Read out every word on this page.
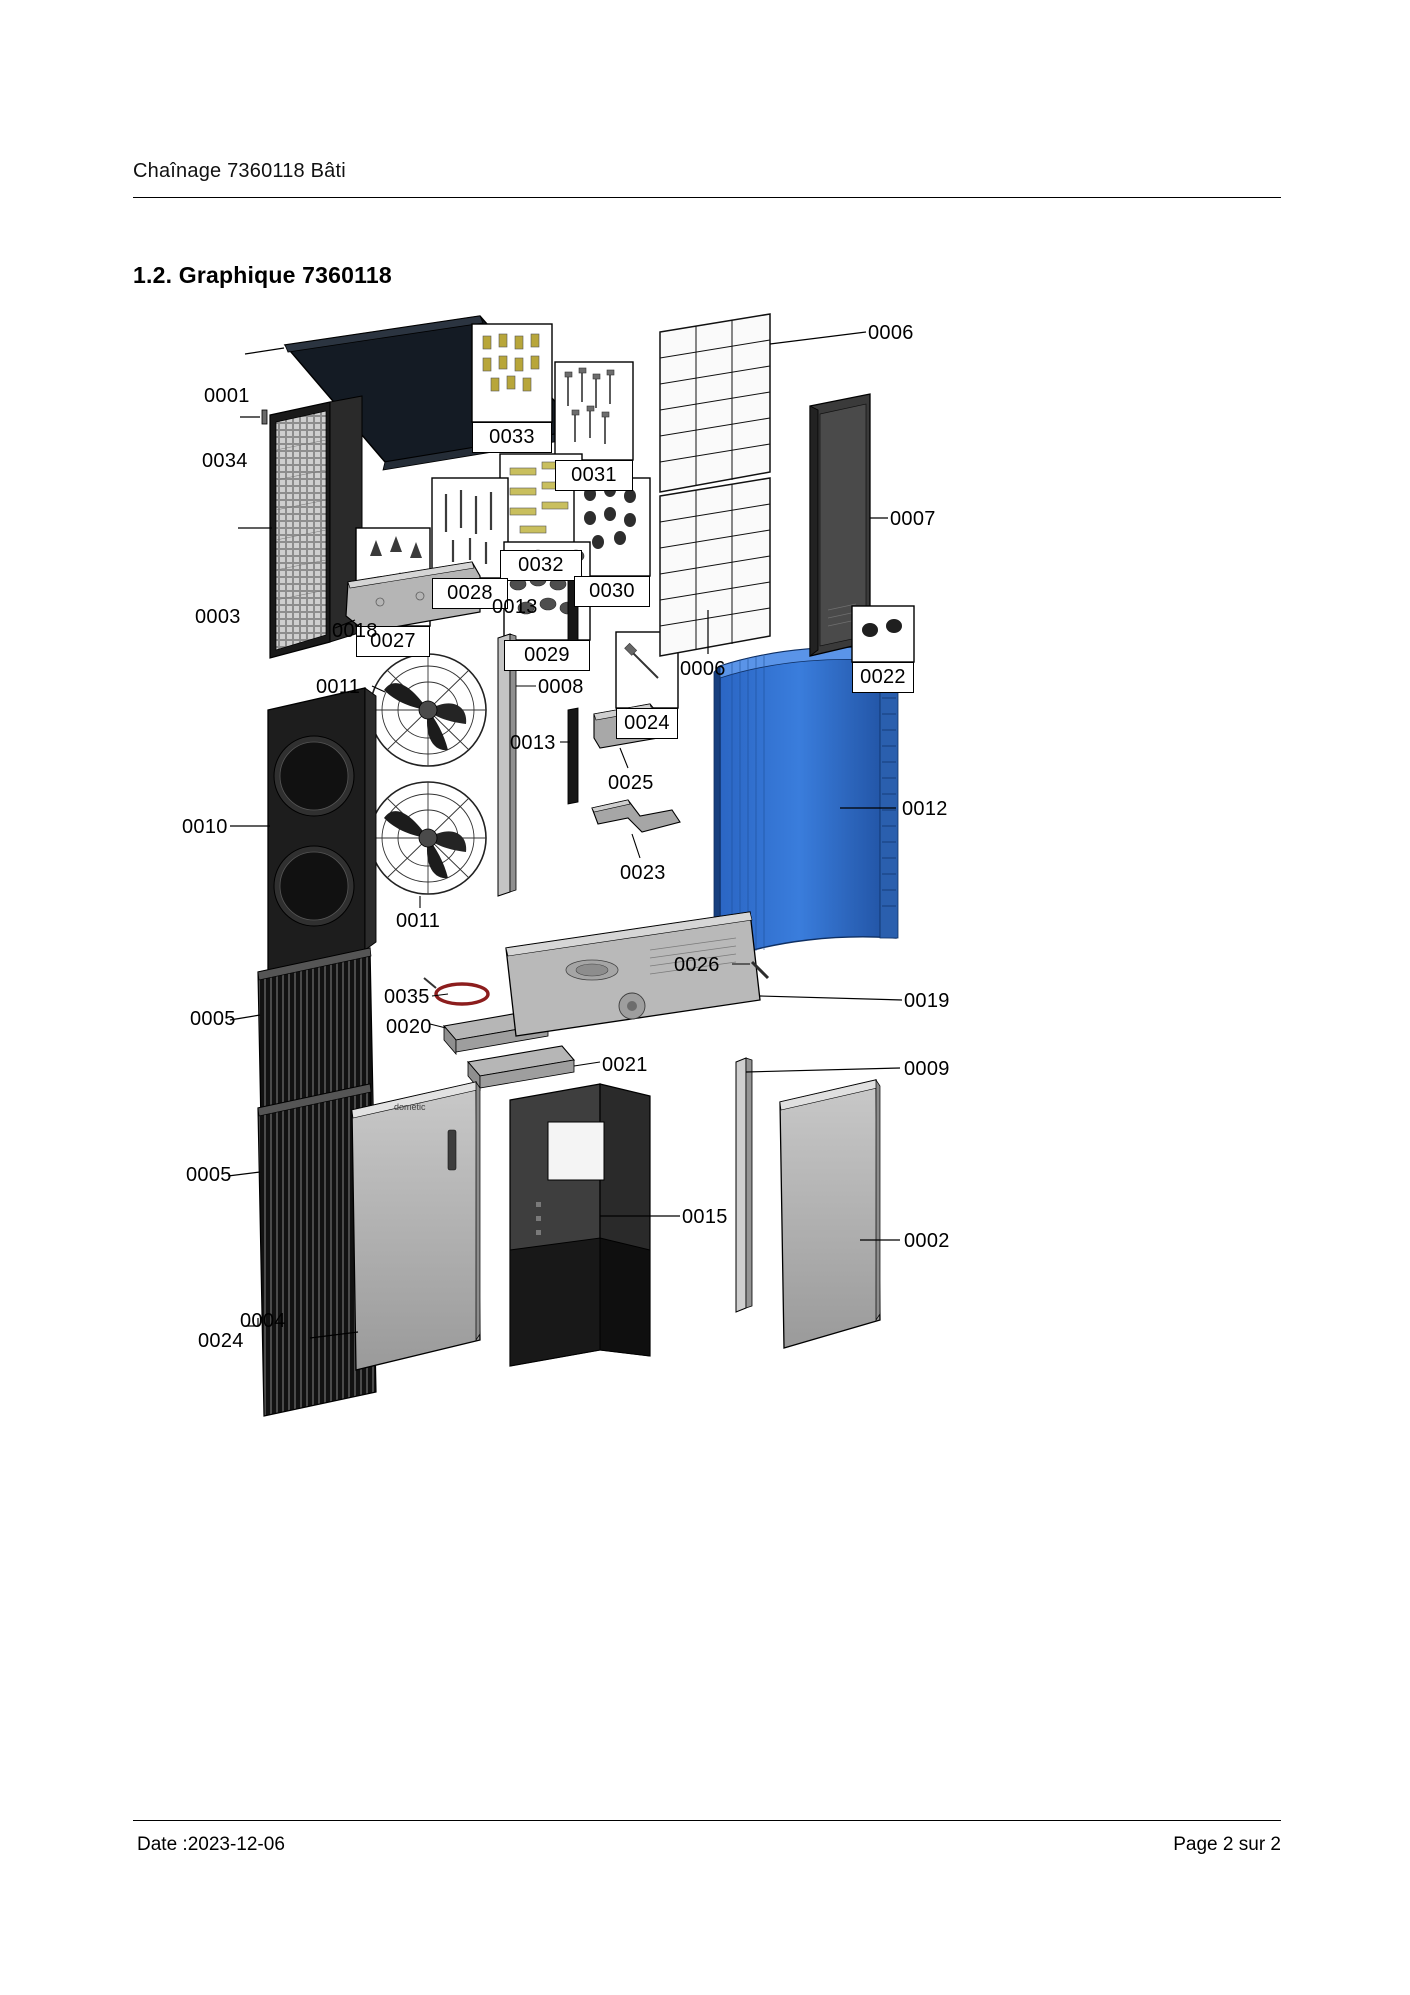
Chaînage 7360118 Bâti
1.2. Graphique 7360118
dometic
0001
0034
0003
0033
0031
0032
0028	0030
0027
0029
0018
0013
0013
0011	0008
0024
0025
0023
0010
0011
0005
0035
0020
0021
0026
0019
0009
0005
0015
0002
0004
0024
0006
0007
0022
0006
0012
Date :2023-12-06	Page 2 sur 2
